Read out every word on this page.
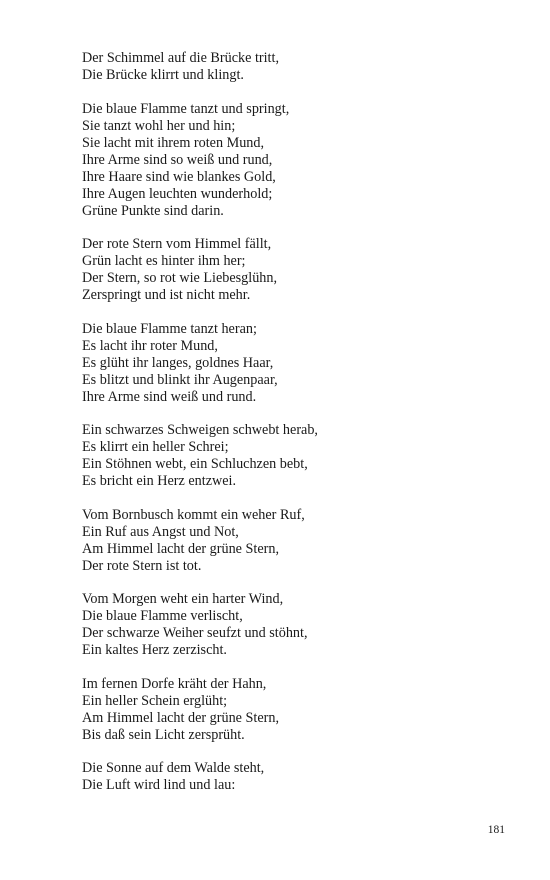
Der Schimmel auf die Brücke tritt,
Die Brücke klirrt und klingt.
Die blaue Flamme tanzt und springt,
Sie tanzt wohl her und hin;
Sie lacht mit ihrem roten Mund,
Ihre Arme sind so weiß und rund,
Ihre Haare sind wie blankes Gold,
Ihre Augen leuchten wunderhold;
Grüne Punkte sind darin.
Der rote Stern vom Himmel fällt,
Grün lacht es hinter ihm her;
Der Stern, so rot wie Liebesglühn,
Zerspringt und ist nicht mehr.
Die blaue Flamme tanzt heran;
Es lacht ihr roter Mund,
Es glüht ihr langes, goldnes Haar,
Es blitzt und blinkt ihr Augenpaar,
Ihre Arme sind weiß und rund.
Ein schwarzes Schweigen schwebt herab,
Es klirrt ein heller Schrei;
Ein Stöhnen webt, ein Schluchzen bebt,
Es bricht ein Herz entzwei.
Vom Bornbusch kommt ein weher Ruf,
Ein Ruf aus Angst und Not,
Am Himmel lacht der grüne Stern,
Der rote Stern ist tot.
Vom Morgen weht ein harter Wind,
Die blaue Flamme verlischt,
Der schwarze Weiher seufzt und stöhnt,
Ein kaltes Herz zerzischt.
Im fernen Dorfe kräht der Hahn,
Ein heller Schein erglüht;
Am Himmel lacht der grüne Stern,
Bis daß sein Licht zersprüht.
Die Sonne auf dem Walde steht,
Die Luft wird lind und lau:
181
